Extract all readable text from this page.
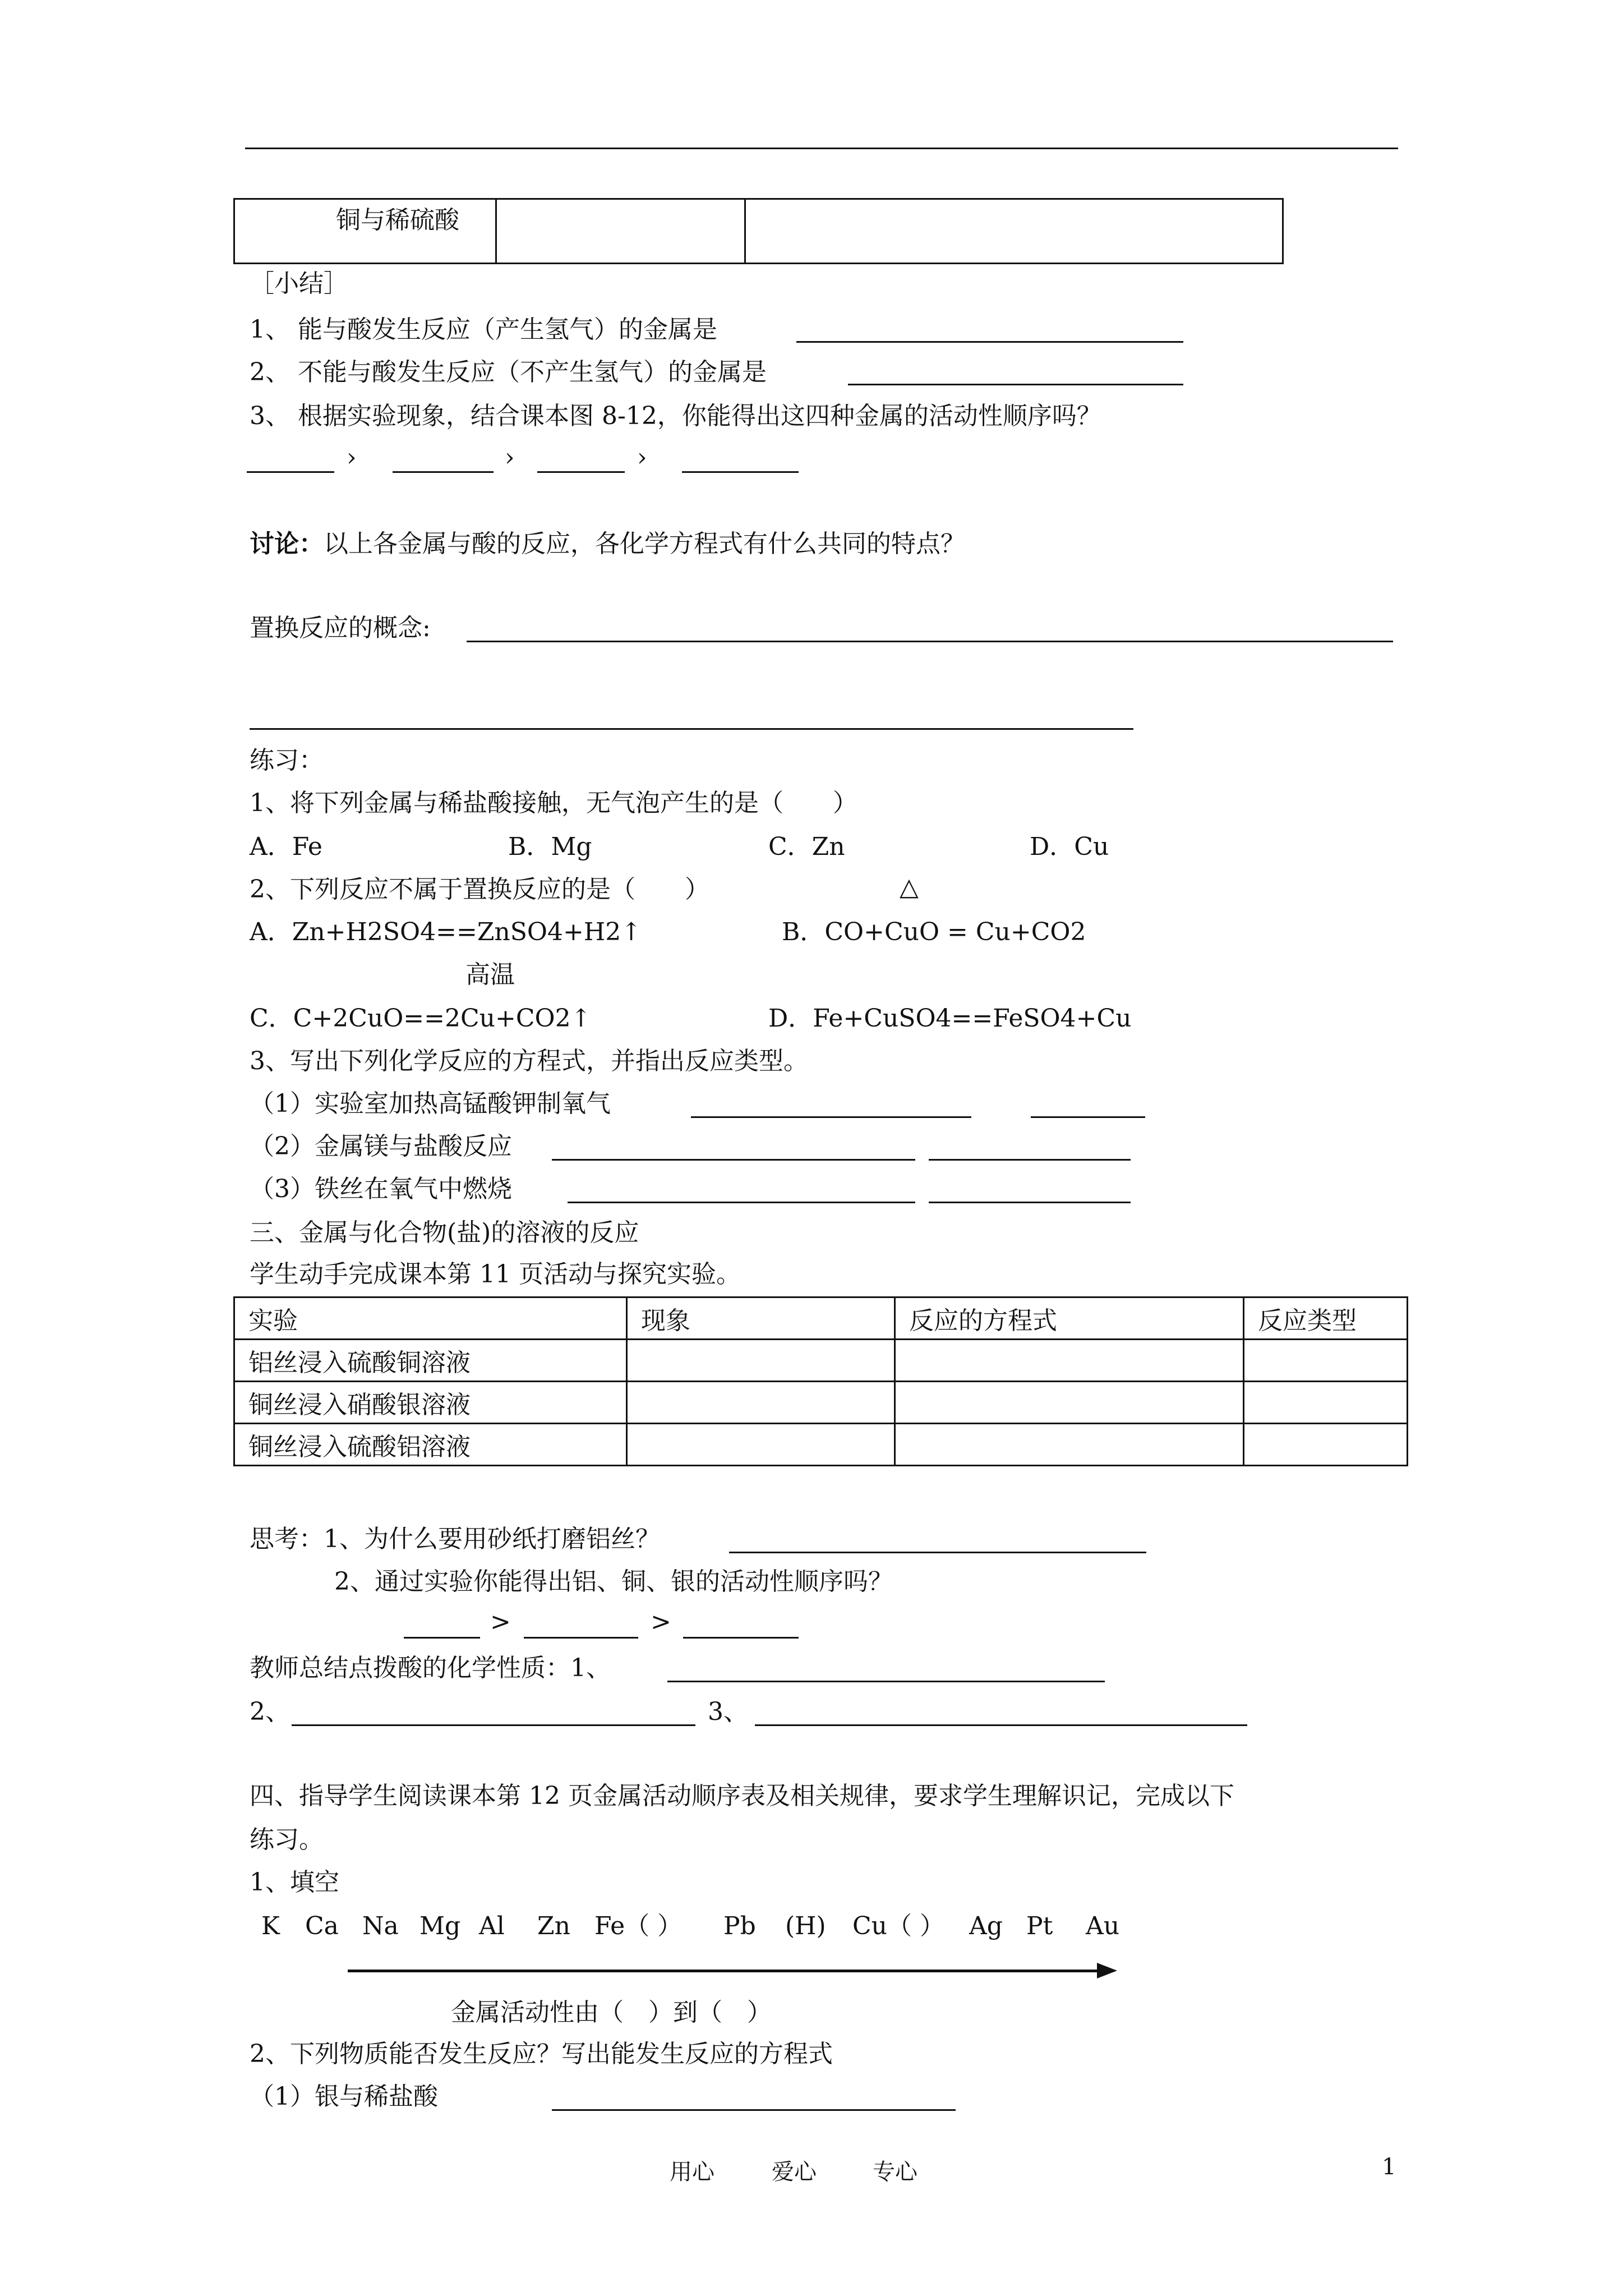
铜与稀硫酸		
［小结］
1、 能与酸发生反应（产生氢气）的金属是
2、 不能与酸发生反应（不产生氢气）的金属是
3、 根据实验现象，结合课本图 8-12，你能得出这四种金属的活动性顺序吗？
›	›	›
讨论：以上各金属与酸的反应，各化学方程式有什么共同的特点？
置换反应的概念:
练习：
1、将下列金属与稀盐酸接触，无气泡产生的是（　　）
A．Fe	B．Mg	C．Zn	D．Cu
2、下列反应不属于置换反应的是（　　）	△
A．Zn+H2SO4==ZnSO4+H2↑	B．CO+CuO = Cu+CO2
高温
C．C+2CuO==2Cu+CO2↑	D．Fe+CuSO4==FeSO4+Cu
3、写出下列化学反应的方程式，并指出反应类型。
（1）实验室加热高锰酸钾制氧气
（2）金属镁与盐酸反应
（3）铁丝在氧气中燃烧
三、金属与化合物(盐)的溶液的反应
学生动手完成课本第 11 页活动与探究实验。
实验	现象	反应的方程式	反应类型
铝丝浸入硫酸铜溶液			
铜丝浸入硝酸银溶液			
铜丝浸入硫酸铝溶液			
思考：1、为什么要用砂纸打磨铝丝？
2、通过实验你能得出铝、铜、银的活动性顺序吗？
>	>
教师总结点拨酸的化学性质：1、
2、	3、
四、指导学生阅读课本第 12 页金属活动顺序表及相关规律，要求学生理解识记，完成以下
练习。
1、填空
K Ca Na Mg Al Zn Fe（ ） Pb (H) Cu（ ） Ag Pt Au
金属活动性由（　）到（　）
2、下列物质能否发生反应？写出能发生反应的方程式
（1）银与稀盐酸
用心	爱心	专心	1
